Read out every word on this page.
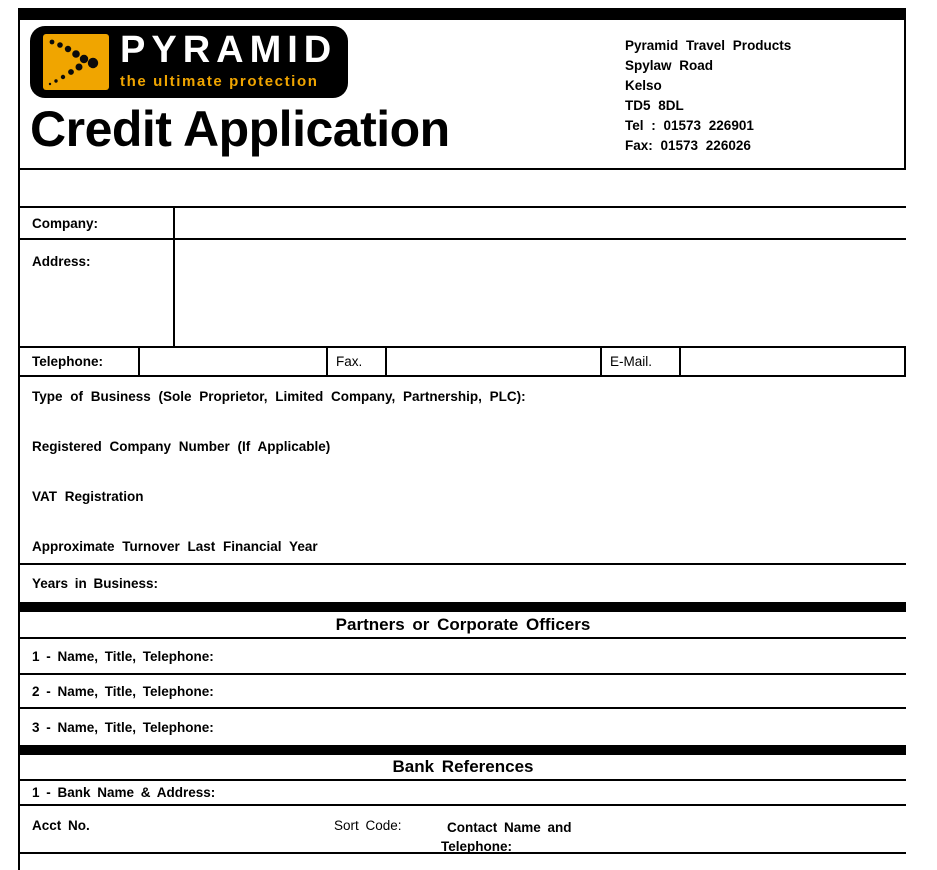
PYRAMID
the ultimate protection
Credit Application
Pyramid Travel Products
Spylaw Road
Kelso
TD5 8DL
Tel : 01573 226901
Fax: 01573 226026
Company:
Address:
Telephone:	Fax.	E-Mail.
Type of Business (Sole Proprietor, Limited Company, Partnership, PLC):
Registered Company Number (If Applicable)
VAT Registration
Approximate Turnover Last Financial Year
Years in Business:
Partners or Corporate Officers
1 - Name, Title, Telephone:
2 - Name, Title, Telephone:
3 - Name, Title, Telephone:
Bank References
1 - Bank Name & Address:
Acct No.	Sort Code:	Contact Name and
Telephone:
